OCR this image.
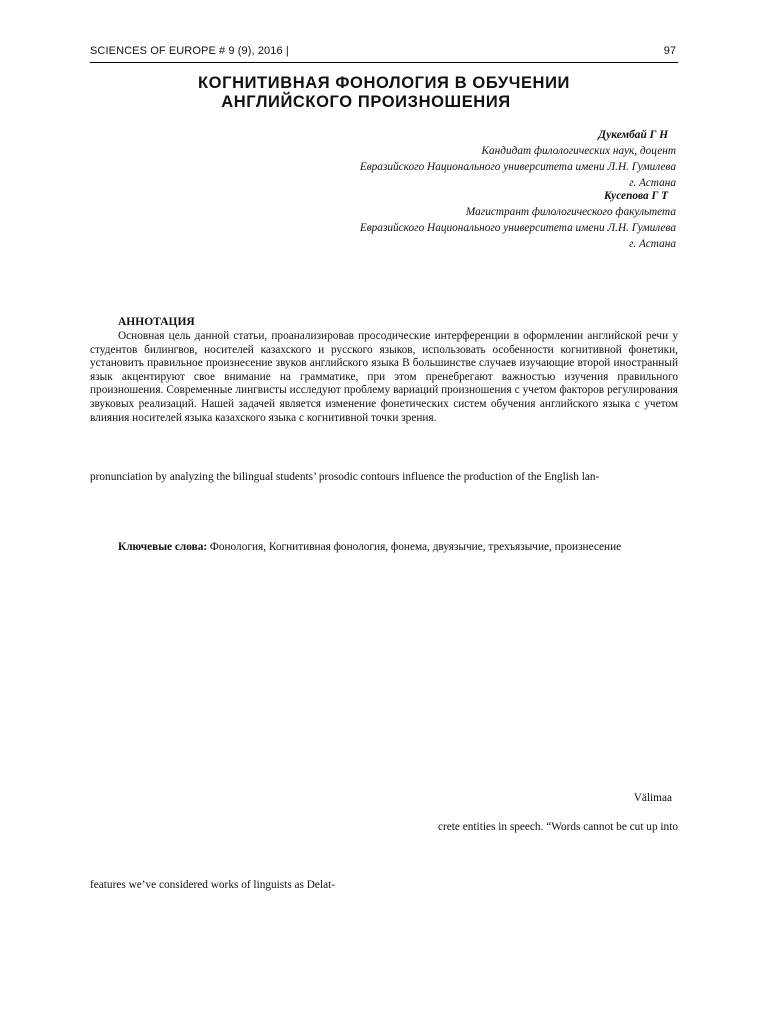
SCIENCES OF EUROPE # 9 (9), 2016 |	97
КОГНИТИВНАЯ ФОНОЛОГИЯ В ОБУЧЕНИИ
АНГЛИЙСКОГО ПРОИЗНОШЕНИЯ
Дукембай Г Н
Кандидат филологических наук, доцент
Евразийского Национального университета имени Л.Н. Гумилева
г. Астана
Кусепова Г Т
Магистрант филологического факультета
Евразийского Национального университета имени Л.Н. Гумилева
г. Астана
АННОТАЦИЯ
Основная цель данной статьи, проанализировав просодические интерференции в оформлении английской речи у студентов билингвов, носителей казахского и русского языков, использовать особенности когнитивной фонетики, установить правильное произнесение звуков английского языка В большинстве случаев изучающие второй иностранный язык акцентируют свое внимание на грамматике, при этом пренебрегают важностью изучения правильного произношения. Современные лингвисты исследуют проблему вариаций произношения с учетом факторов регулирования звуковых реализаций. Нашей задачей является изменение фонетических систем обучения английского языка с учетом влияния носителей языка казахского языка с когнитивной точки зрения.
pronunciation by analyzing the bilingual students’ prosodic contours influence the production of the English lan-
Ключевые слова: Фонология, Когнитивная фонология, фонема, двуязычие, трехъязычие, произнесение
Välimaa
crete entities in speech. “Words cannot be cut up into
features we’ve considered works of linguists as Delat-
